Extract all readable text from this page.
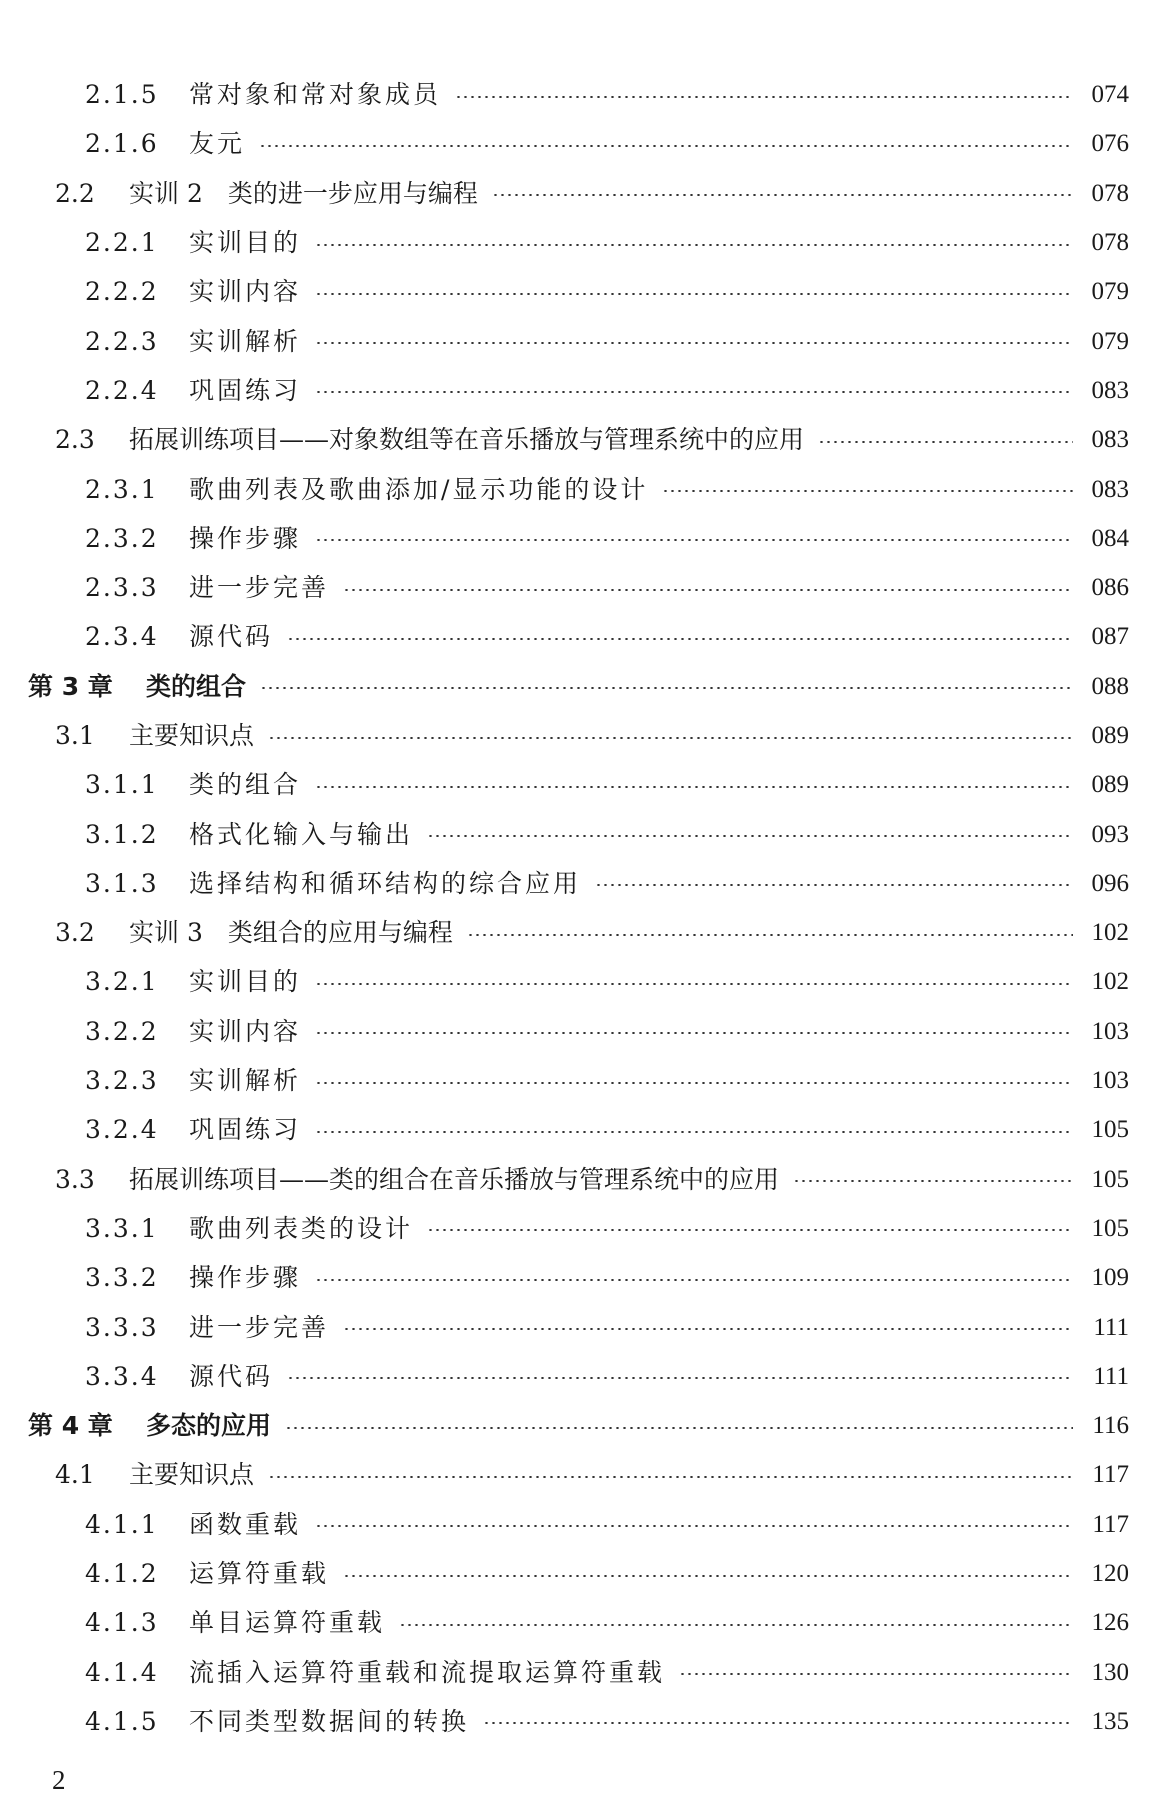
2.1.5	常对象和常对象成员	074
2.1.6	友元	076
2.2	实训 2　类的进一步应用与编程	078
2.2.1	实训目的	078
2.2.2	实训内容	079
2.2.3	实训解析	079
2.2.4	巩固练习	083
2.3	拓展训练项目——对象数组等在音乐播放与管理系统中的应用	083
2.3.1	歌曲列表及歌曲添加/显示功能的设计	083
2.3.2	操作步骤	084
2.3.3	进一步完善	086
2.3.4	源代码	087
第 3 章	类的组合	088
3.1	主要知识点	089
3.1.1	类的组合	089
3.1.2	格式化输入与输出	093
3.1.3	选择结构和循环结构的综合应用	096
3.2	实训 3　类组合的应用与编程	102
3.2.1	实训目的	102
3.2.2	实训内容	103
3.2.3	实训解析	103
3.2.4	巩固练习	105
3.3	拓展训练项目——类的组合在音乐播放与管理系统中的应用	105
3.3.1	歌曲列表类的设计	105
3.3.2	操作步骤	109
3.3.3	进一步完善	111
3.3.4	源代码	111
第 4 章	多态的应用	116
4.1	主要知识点	117
4.1.1	函数重载	117
4.1.2	运算符重载	120
4.1.3	单目运算符重载	126
4.1.4	流插入运算符重载和流提取运算符重载	130
4.1.5	不同类型数据间的转换	135
2
